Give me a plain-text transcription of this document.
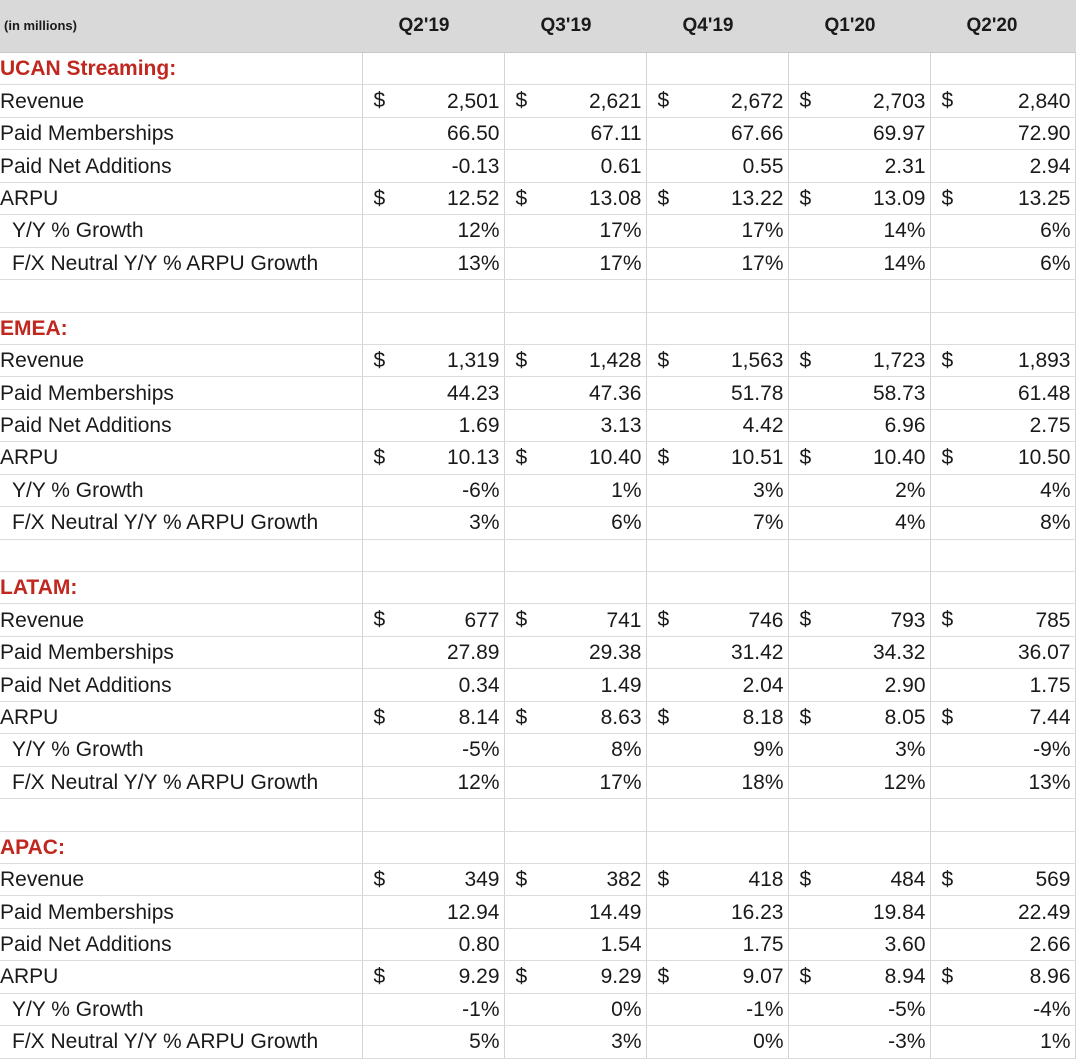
(in millions)	Q2'19	Q3'19	Q4'19	Q1'20	Q2'20
UCAN Streaming:					
Revenue	$ 2,501	$ 2,621	$ 2,672	$ 2,703	$ 2,840
Paid Memberships	66.50	67.11	67.66	69.97	72.90
Paid Net Additions	-0.13	0.61	0.55	2.31	2.94
ARPU	$ 12.52	$ 13.08	$ 13.22	$ 13.09	$ 13.25
Y/Y % Growth	12%	17%	17%	14%	6%
F/X Neutral Y/Y % ARPU Growth	13%	17%	17%	14%	6%

EMEA:					
Revenue	$ 1,319	$ 1,428	$ 1,563	$ 1,723	$ 1,893
Paid Memberships	44.23	47.36	51.78	58.73	61.48
Paid Net Additions	1.69	3.13	4.42	6.96	2.75
ARPU	$ 10.13	$ 10.40	$ 10.51	$ 10.40	$ 10.50
Y/Y % Growth	-6%	1%	3%	2%	4%
F/X Neutral Y/Y % ARPU Growth	3%	6%	7%	4%	8%

LATAM:					
Revenue	$ 677	$ 741	$ 746	$ 793	$ 785
Paid Memberships	27.89	29.38	31.42	34.32	36.07
Paid Net Additions	0.34	1.49	2.04	2.90	1.75
ARPU	$ 8.14	$ 8.63	$ 8.18	$ 8.05	$ 7.44
Y/Y % Growth	-5%	8%	9%	3%	-9%
F/X Neutral Y/Y % ARPU Growth	12%	17%	18%	12%	13%

APAC:					
Revenue	$ 349	$ 382	$ 418	$ 484	$ 569
Paid Memberships	12.94	14.49	16.23	19.84	22.49
Paid Net Additions	0.80	1.54	1.75	3.60	2.66
ARPU	$ 9.29	$ 9.29	$ 9.07	$ 8.94	$ 8.96
Y/Y % Growth	-1%	0%	-1%	-5%	-4%
F/X Neutral Y/Y % ARPU Growth	5%	3%	0%	-3%	1%
